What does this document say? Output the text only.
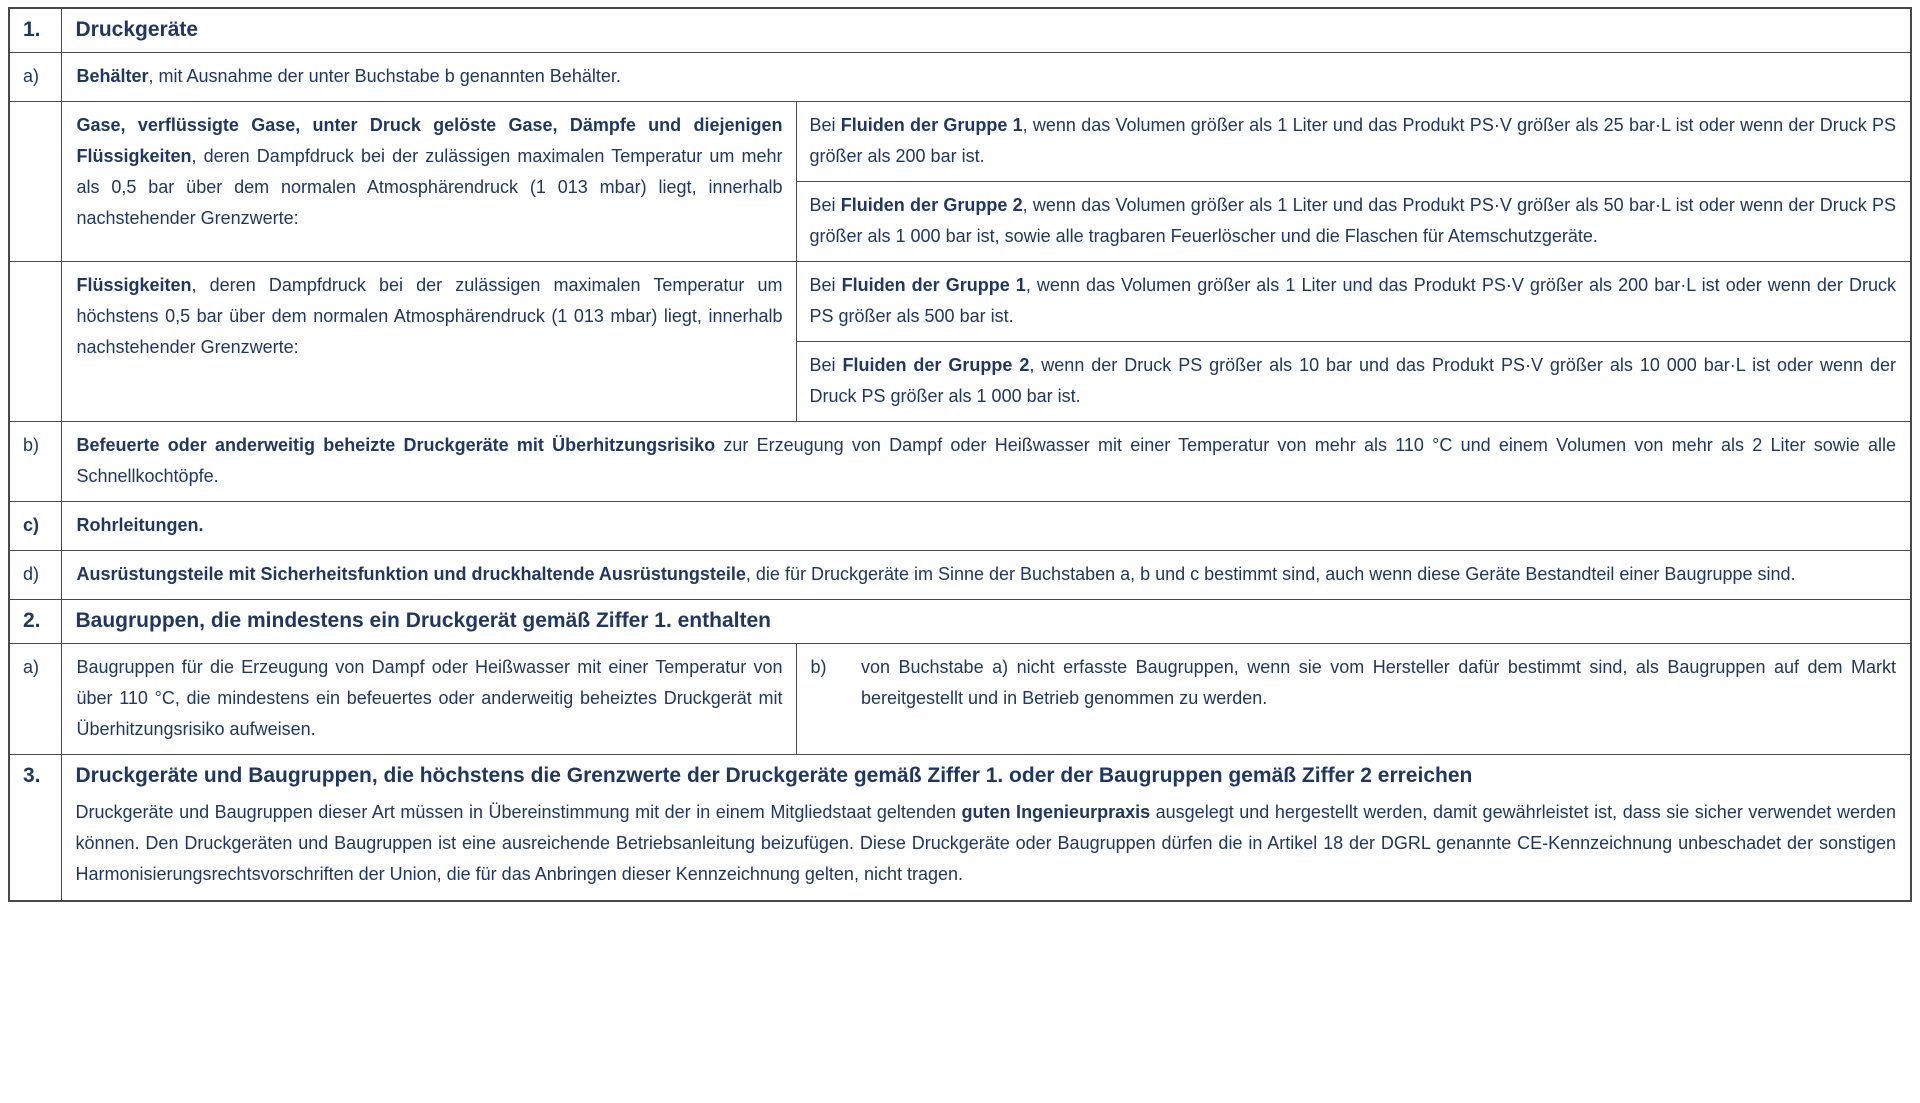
1.	Druckgeräte		
a)	Behälter, mit Ausnahme der unter Buchstabe b genannten Behälter.		
	Gase, verflüssigte Gase, unter Druck gelöste Gase, Dämpfe und diejenigen Flüssigkeiten, deren Dampfdruck bei der zulässigen maximalen Temperatur um mehr als 0,5 bar über dem normalen Atmosphärendruck (1 013 mbar) liegt, innerhalb nachstehender Grenzwerte:	Bei Fluiden der Gruppe 1, wenn das Volumen größer als 1 Liter und das Produkt PS·V größer als 25 bar·L ist oder wenn der Druck PS größer als 200 bar ist.	
		Bei Fluiden der Gruppe 2, wenn das Volumen größer als 1 Liter und das Produkt PS·V größer als 50 bar·L ist oder wenn der Druck PS größer als 1 000 bar ist, sowie alle tragbaren Feuerlöscher und die Flaschen für Atemschutzgeräte.	
	Flüssigkeiten, deren Dampfdruck bei der zulässigen maximalen Temperatur um höchstens 0,5 bar über dem normalen Atmosphärendruck (1 013 mbar) liegt, innerhalb nachstehender Grenzwerte:	Bei Fluiden der Gruppe 1, wenn das Volumen größer als 1 Liter und das Produkt PS·V größer als 200 bar·L ist oder wenn der Druck PS größer als 500 bar ist.	
		Bei Fluiden der Gruppe 2, wenn der Druck PS größer als 10 bar und das Produkt PS·V größer als 10 000 bar·L ist oder wenn der Druck PS größer als 1 000 bar ist.	
b)	Befeuerte oder anderweitig beheizte Druckgeräte mit Überhitzungsrisiko zur Erzeugung von Dampf oder Heißwasser mit einer Temperatur von mehr als 110 °C und einem Volumen von mehr als 2 Liter sowie alle Schnellkochtöpfe.		
c)	Rohrleitungen.		
d)	Ausrüstungsteile mit Sicherheitsfunktion und druckhaltende Ausrüstungsteile, die für Druckgeräte im Sinne der Buchstaben a, b und c bestimmt sind, auch wenn diese Geräte Bestandteil einer Baugruppe sind.		
2.	Baugruppen, die mindestens ein Druckgerät gemäß Ziffer 1. enthalten		
a)	Baugruppen für die Erzeugung von Dampf oder Heißwasser mit einer Temperatur von über 110 °C, die mindestens ein befeuertes oder anderweitig beheiztes Druckgerät mit Überhitzungsrisiko aufweisen.	b)	von Buchstabe a) nicht erfasste Baugruppen, wenn sie vom Hersteller dafür bestimmt sind, als Baugruppen auf dem Markt bereitgestellt und in Betrieb genommen zu werden.
3.	Druckgeräte und Baugruppen, die höchstens die Grenzwerte der Druckgeräte gemäß Ziffer 1. oder der Baugruppen gemäß Ziffer 2 erreichen
Druckgeräte und Baugruppen dieser Art müssen in Übereinstimmung mit der in einem Mitgliedstaat geltenden guten Ingenieurpraxis ausgelegt und hergestellt werden, damit gewährleistet ist, dass sie sicher verwendet werden können. Den Druckgeräten und Baugruppen ist eine ausreichende Betriebsanleitung beizufügen. Diese Druckgeräte oder Baugruppen dürfen die in Artikel 18 der DGRL genannte CE-Kennzeichnung unbeschadet der sonstigen Harmonisierungsrechtsvorschriften der Union, die für das Anbringen dieser Kennzeichnung gelten, nicht tragen.		
